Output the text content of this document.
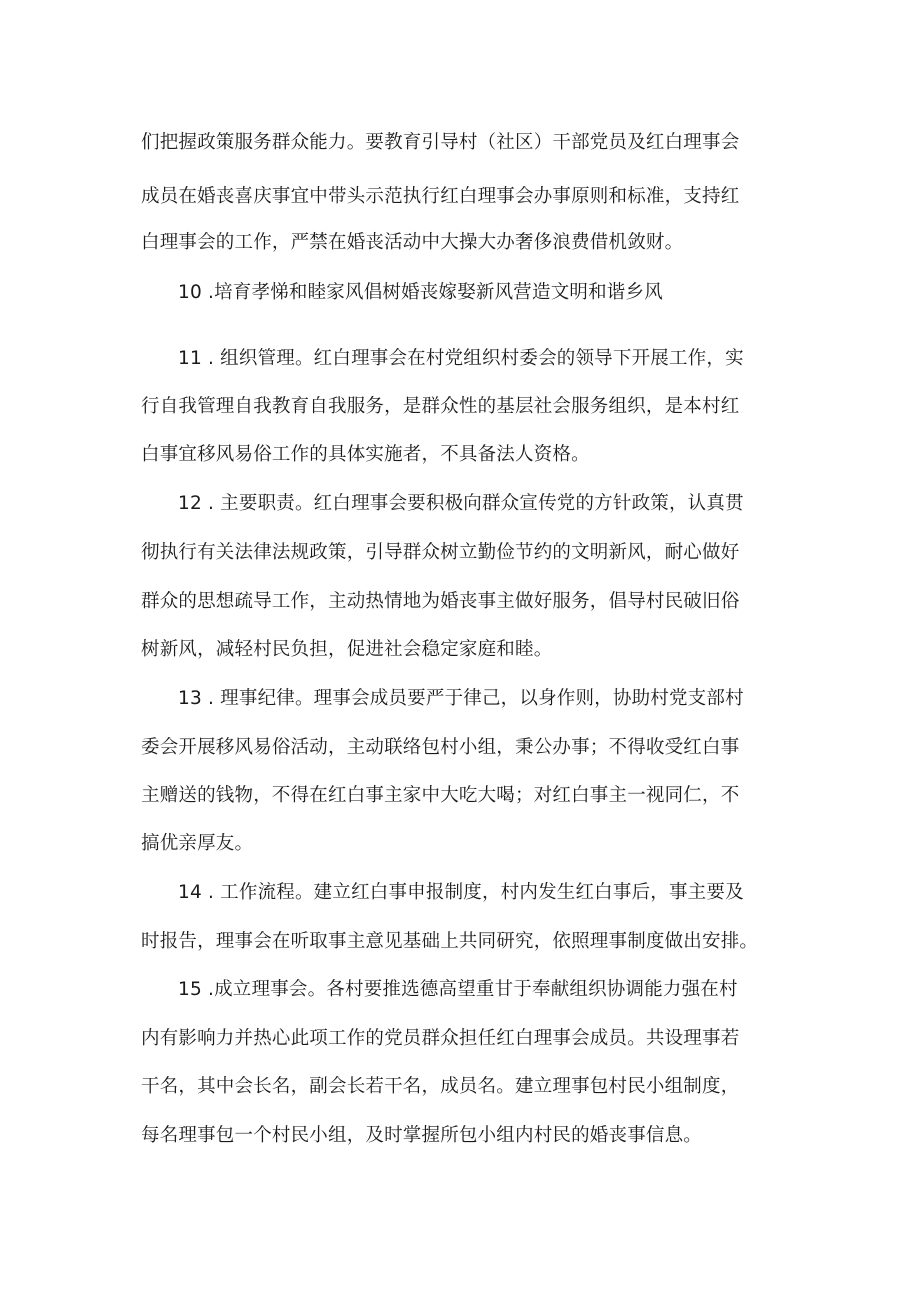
们把握政策服务群众能力。要教育引导村（社区）干部党员及红白理事会
成员在婚丧喜庆事宜中带头示范执行红白理事会办事原则和标准，支持红
白理事会的工作，严禁在婚丧活动中大操大办奢侈浪费借机敛财。
10 .培育孝悌和睦家风倡树婚丧嫁娶新风营造文明和谐乡风
11 . 组织管理。红白理事会在村党组织村委会的领导下开展工作，实
行自我管理自我教育自我服务，是群众性的基层社会服务组织，是本村红
白事宜移风易俗工作的具体实施者，不具备法人资格。
12 . 主要职责。红白理事会要积极向群众宣传党的方针政策，认真贯
彻执行有关法律法规政策，引导群众树立勤俭节约的文明新风，耐心做好
群众的思想疏导工作，主动热情地为婚丧事主做好服务，倡导村民破旧俗
树新风，减轻村民负担，促进社会稳定家庭和睦。
13 . 理事纪律。理事会成员要严于律己，以身作则，协助村党支部村
委会开展移风易俗活动，主动联络包村小组，秉公办事；不得收受红白事
主赠送的钱物，不得在红白事主家中大吃大喝；对红白事主一视同仁，不
搞优亲厚友。
14 . 工作流程。建立红白事申报制度，村内发生红白事后，事主要及
时报告，理事会在听取事主意见基础上共同研究，依照理事制度做出安排。
15 .成立理事会。各村要推选德高望重甘于奉献组织协调能力强在村
内有影响力并热心此项工作的党员群众担任红白理事会成员。共设理事若
干名，其中会长名，副会长若干名，成员名。建立理事包村民小组制度，
每名理事包一个村民小组，及时掌握所包小组内村民的婚丧事信息。
